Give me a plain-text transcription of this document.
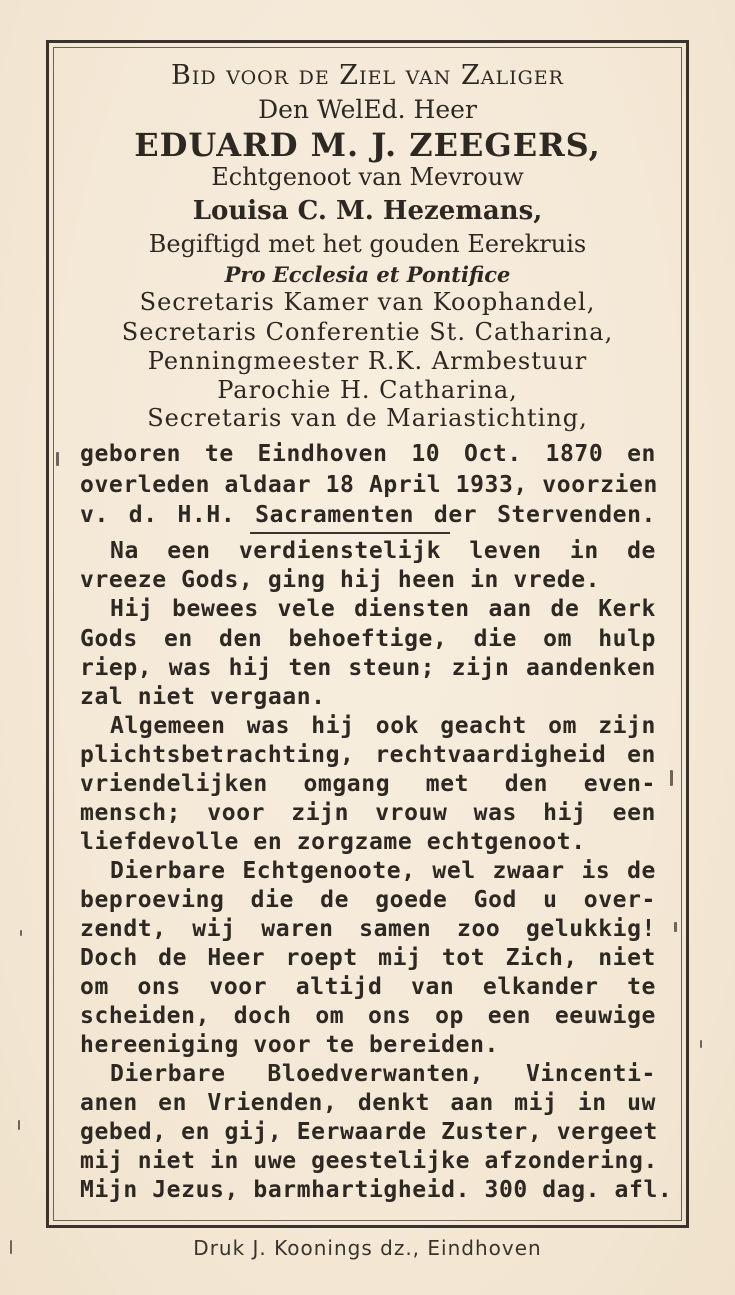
Bid voor de Ziel van Zaliger
Den WelEd. Heer
EDUARD M. J. ZEEGERS,
Echtgenoot van Mevrouw
Louisa C. M. Hezemans,
Begiftigd met het gouden Eerekruis
Pro Ecclesia et Pontifice
Secretaris Kamer van Koophandel,
Secretaris Conferentie St. Catharina,
Penningmeester R.K. Armbestuur
Parochie H. Catharina,
Secretaris van de Mariastichting,
geboren te Eindhoven 10 Oct. 1870 en
overleden aldaar 18 April 1933, voorzien
v. d. H.H. Sacramenten der Stervenden.
Na een verdienstelijk leven in de
vreeze Gods, ging hij heen in vrede.
Hij bewees vele diensten aan de Kerk
Gods en den behoeftige, die om hulp
riep, was hij ten steun; zijn aandenken
zal niet vergaan.
Algemeen was hij ook geacht om zijn
plichtsbetrachting, rechtvaardigheid en
vriendelijken omgang met den even-
mensch; voor zijn vrouw was hij een
liefdevolle en zorgzame echtgenoot.
Dierbare Echtgenoote, wel zwaar is de
beproeving die de goede God u over-
zendt, wij waren samen zoo gelukkig!
Doch de Heer roept mij tot Zich, niet
om ons voor altijd van elkander te
scheiden, doch om ons op een eeuwige
hereeniging voor te bereiden.
Dierbare Bloedverwanten, Vincenti-
anen en Vrienden, denkt aan mij in uw
gebed, en gij, Eerwaarde Zuster, vergeet
mij niet in uwe geestelijke afzondering.
Mijn Jezus, barmhartigheid. 300 dag. afl.
Druk J. Koonings dz., Eindhoven
